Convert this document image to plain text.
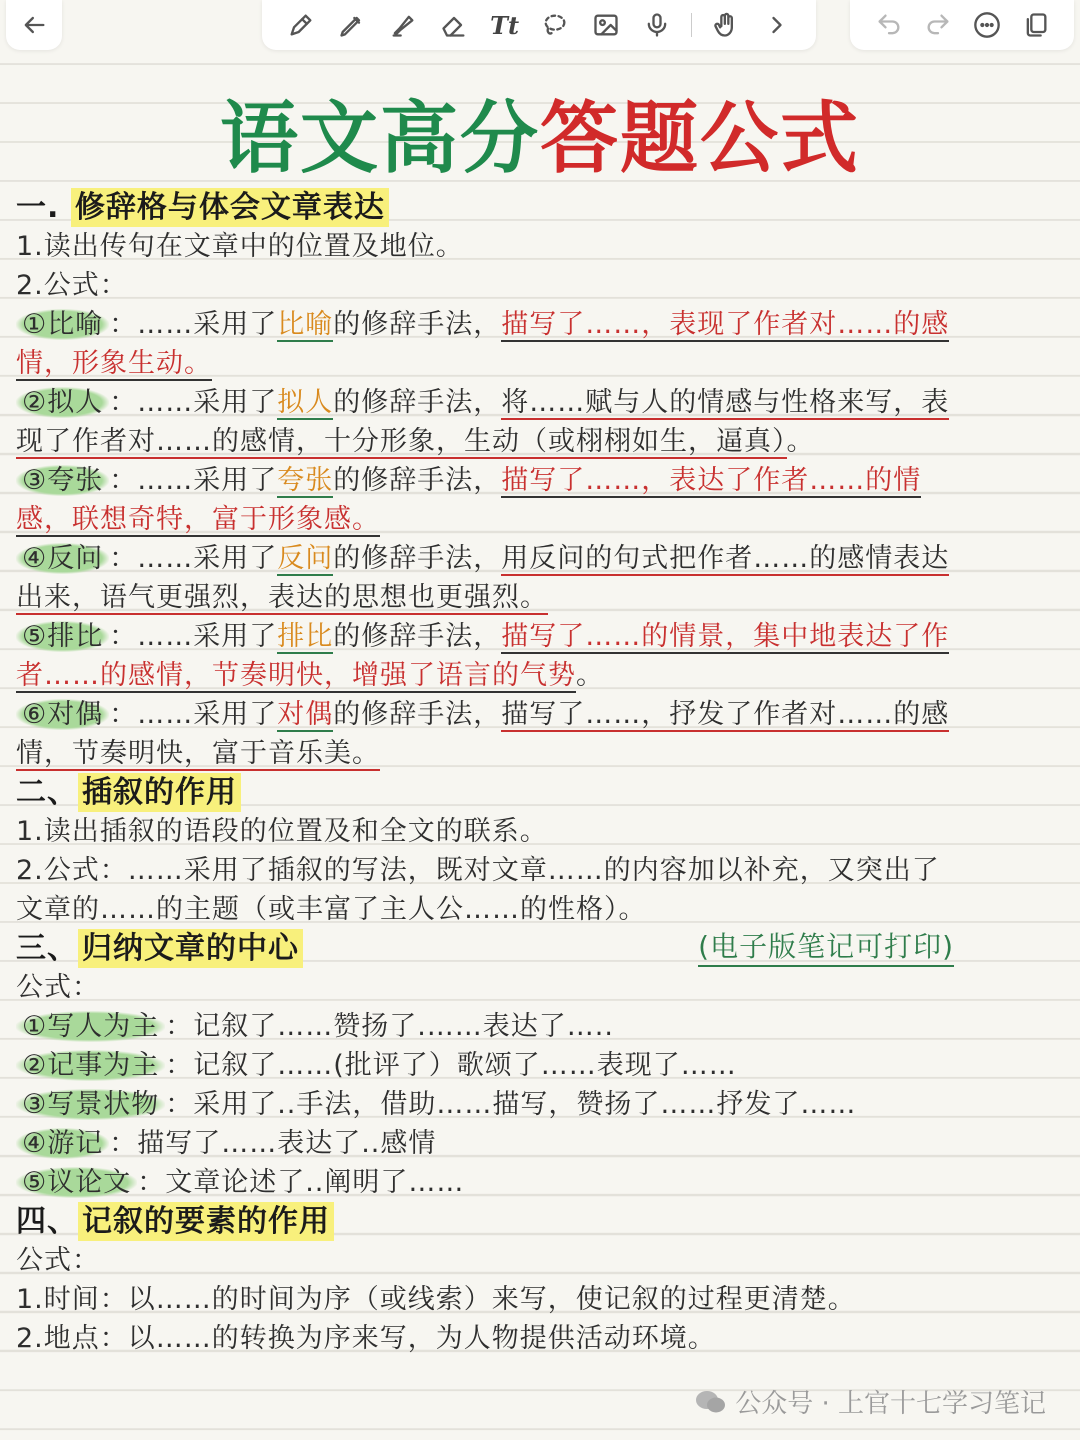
Tt
语文高分答题公式
一. 修辞格与体会文章表达
1.读出传句在文章中的位置及地位。
2.公式：
①比喻 ：……采用了比喻的修辞手法，描写了……，表现了作者对……的感
情，形象生动。
②拟人 ：……采用了拟人的修辞手法，将……赋与人的情感与性格来写，表
现了作者对……的感情，十分形象，生动（或栩栩如生，逼真）。
③夸张 ：……采用了夸张的修辞手法，描写了……，表达了作者……的情
感，联想奇特，富于形象感。
④反问 ：……采用了反问的修辞手法，用反问的句式把作者……的感情表达
出来，语气更强烈，表达的思想也更强烈。
⑤排比 ：……采用了排比的修辞手法，描写了……的情景，集中地表达了作
者……的感情，节奏明快，增强了语言的气势。
⑥对偶 ：……采用了对偶的修辞手法，描写了……，抒发了作者对……的感
情，节奏明快，富于音乐美。
二、 插叙的作用
1.读出插叙的语段的位置及和全文的联系。
2.公式：……采用了插叙的写法，既对文章……的内容加以补充，又突出了
文章的……的主题（或丰富了主人公……的性格）。
三、 归纳文章的中心	(电子版笔记可打印)
公式：
①写人为主 ：记叙了……赞扬了.……表达了…..
②记事为主 ：记叙了……(批评了）歌颂了……表现了……
③写景状物 ：采用了..手法，借助……描写，赞扬了……抒发了……
④游记 ：描写了……表达了..感情
⑤议论文 ：文章论述了..阐明了……
四、 记叙的要素的作用
公式：
1.时间：以……的时间为序（或线索）来写，使记叙的过程更清楚。
2.地点：以……的转换为序来写，为人物提供活动环境。
公众号 · 上官十七学习笔记
